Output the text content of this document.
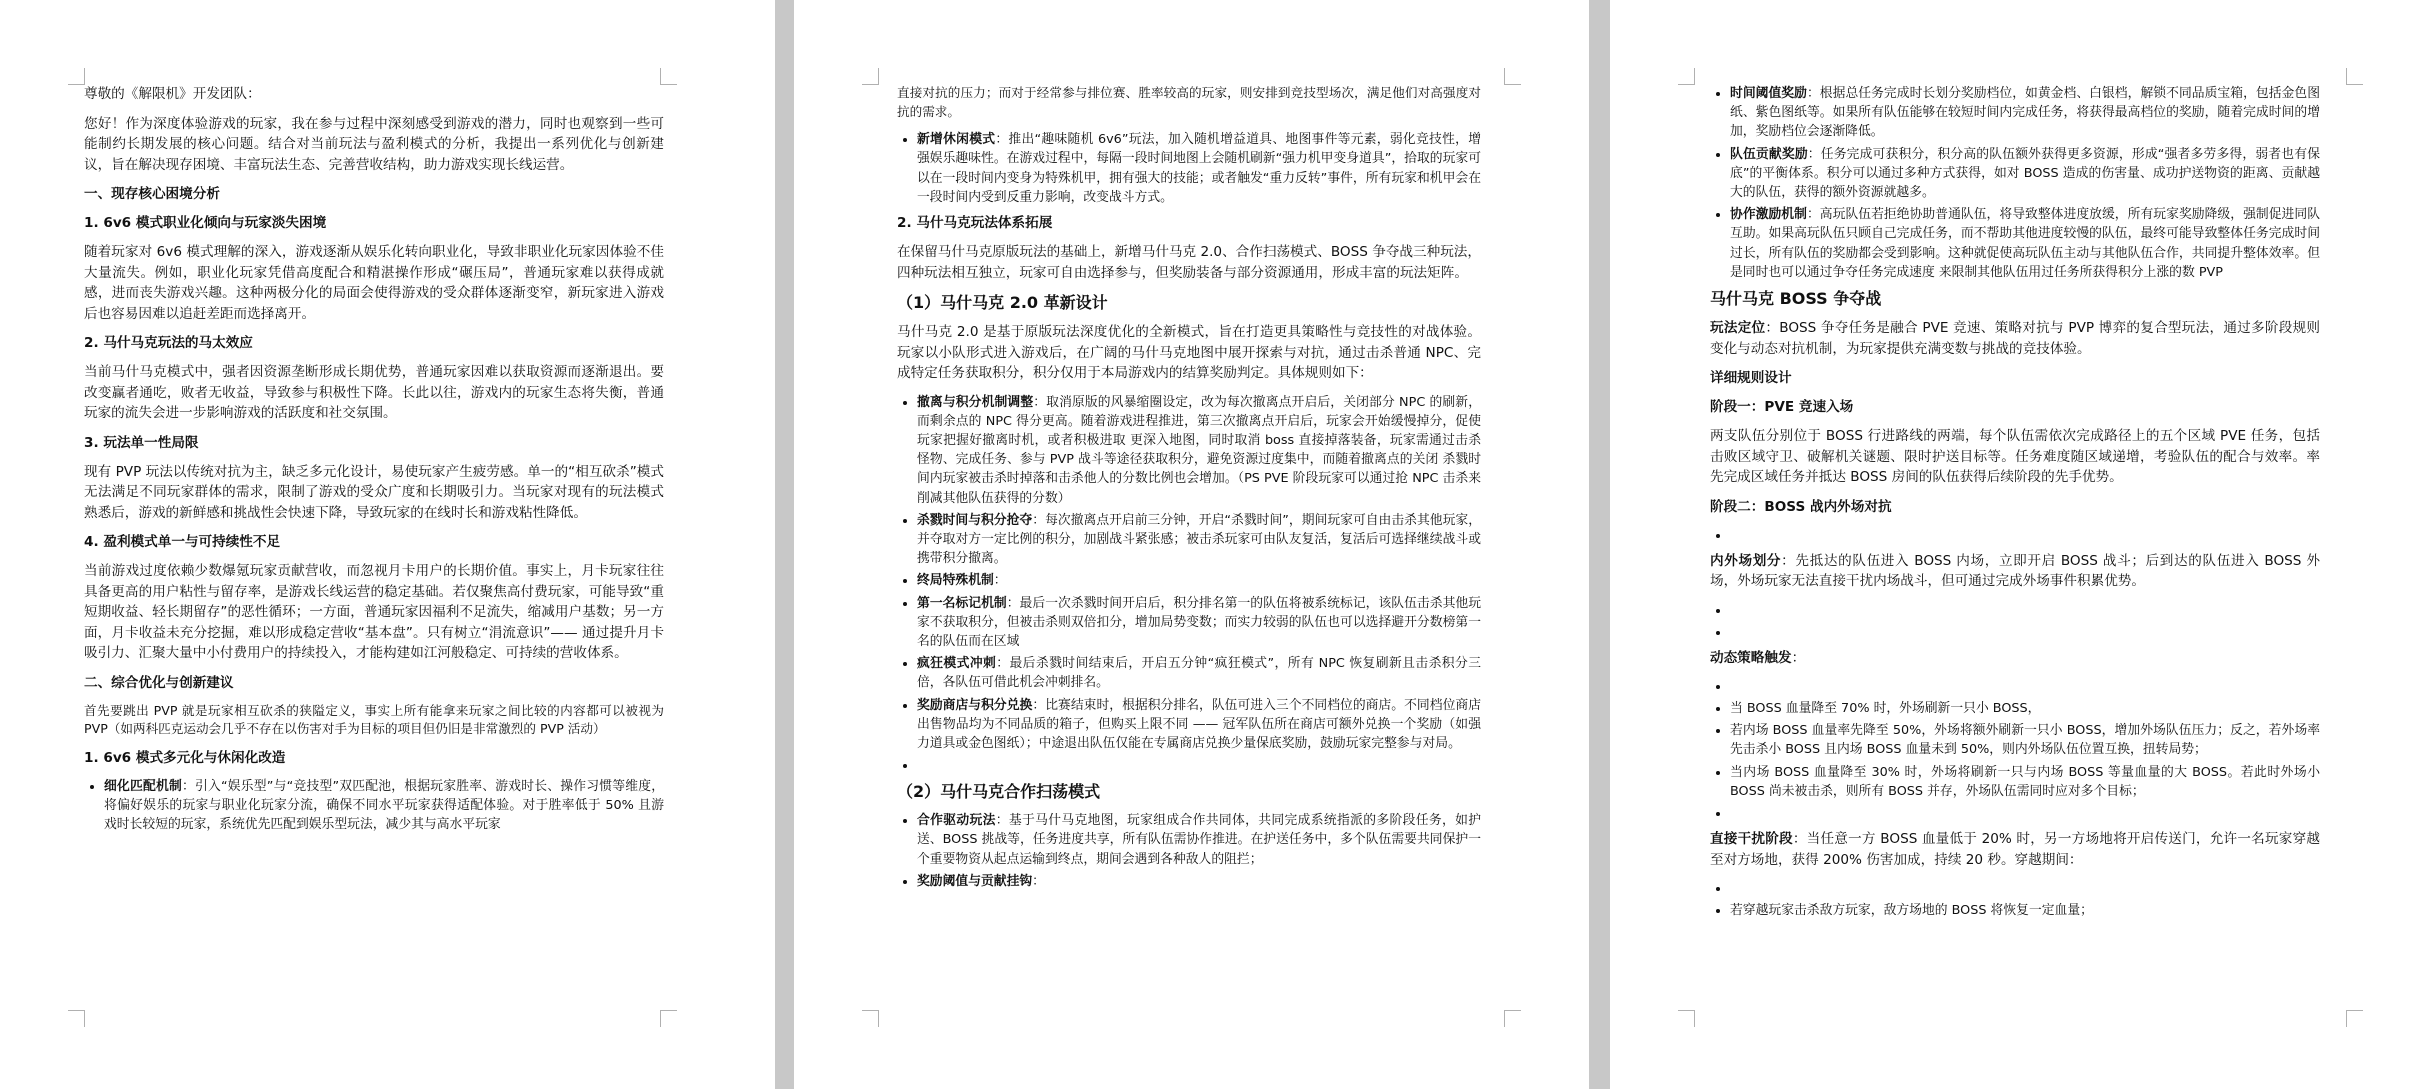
尊敬的《解限机》开发团队：

您好！作为深度体验游戏的玩家，我在参与过程中深刻感受到游戏的潜力，同时也观察到一些可能制约长期发展的核心问题。结合对当前玩法与盈利模式的分析，我提出一系列优化与创新建议，旨在解决现存困境、丰富玩法生态、完善营收结构，助力游戏实现长线运营。

一、现存核心困境分析
1. 6v6 模式职业化倾向与玩家淡失困境

随着玩家对 6v6 模式理解的深入，游戏逐渐从娱乐化转向职业化，导致非职业化玩家因体验不佳大量流失。例如，职业化玩家凭借高度配合和精湛操作形成“碾压局”，普通玩家难以获得成就感，进而丧失游戏兴趣。这种两极分化的局面会使得游戏的受众群体逐渐变窄，新玩家进入游戏后也容易因难以追赶差距而选择离开。

2. 马什马克玩法的马太效应

当前马什马克模式中，强者因资源垄断形成长期优势，普通玩家因难以获取资源而逐渐退出。要改变赢者通吃，败者无收益，导致参与积极性下降。长此以往，游戏内的玩家生态将失衡，普通玩家的流失会进一步影响游戏的活跃度和社交氛围。

3. 玩法单一性局限

现有 PVP 玩法以传统对抗为主，缺乏多元化设计，易使玩家产生疲劳感。单一的“相互砍杀”模式无法满足不同玩家群体的需求，限制了游戏的受众广度和长期吸引力。当玩家对现有的玩法模式熟悉后，游戏的新鲜感和挑战性会快速下降，导致玩家的在线时长和游戏粘性降低。

4. 盈利模式单一与可持续性不足

当前游戏过度依赖少数爆氪玩家贡献营收，而忽视月卡用户的长期价值。事实上，月卡玩家往往具备更高的用户粘性与留存率，是游戏长线运营的稳定基础。若仅聚焦高付费玩家，可能导致“重短期收益、轻长期留存”的恶性循环；一方面，普通玩家因福利不足流失，缩减用户基数；另一方面，月卡收益未充分挖掘，难以形成稳定营收“基本盘”。只有树立“涓流意识”—— 通过提升月卡吸引力、汇聚大量中小付费用户的持续投入，才能构建如江河般稳定、可持续的营收体系。

二、综合优化与创新建议

首先要跳出 PVP 就是玩家相互砍杀的狭隘定义，事实上所有能拿来玩家之间比较的内容都可以被视为 PVP（如两科匹克运动会几乎不存在以伤害对手为目标的项目但仍旧是非常激烈的 PVP 活动）

1. 6v6 模式多元化与休闲化改造
• 细化匹配机制：引入“娱乐型”与“竞技型”双匹配池，根据玩家胜率、游戏时长、操作习惯等维度，将偏好娱乐的玩家与职业化玩家分流，确保不同水平玩家获得适配体验。对于胜率低于 50% 且游戏时长较短的玩家，系统优先匹配到娱乐型玩法，减少其与高水平玩家

直接对抗的压力；而对于经常参与排位赛、胜率较高的玩家，则安排到竞技型场次，满足他们对高强度对抗的需求。

• 新增休闲模式：推出“趣味随机 6v6”玩法，加入随机增益道具、地图事件等元素，弱化竞技性，增强娱乐趣味性。在游戏过程中，每隔一段时间地图上会随机刷新“强力机甲变身道具”，拾取的玩家可以在一段时间内变身为特殊机甲，拥有强大的技能；或者触发“重力反转”事件，所有玩家和机甲会在一段时间内受到反重力影响，改变战斗方式。
2. 马什马克玩法体系拓展

在保留马什马克原版玩法的基础上，新增马什马克 2.0、合作扫荡模式、BOSS 争夺战三种玩法，四种玩法相互独立，玩家可自由选择参与，但奖励装备与部分资源通用，形成丰富的玩法矩阵。

（1）马什马克 2.0 革新设计

马什马克 2.0 是基于原版玩法深度优化的全新模式，旨在打造更具策略性与竞技性的对战体验。玩家以小队形式进入游戏后，在广阔的马什马克地图中展开探索与对抗，通过击杀普通 NPC、完成特定任务获取积分，积分仅用于本局游戏内的结算奖励判定。具体规则如下：

• 撤离与积分机制调整：取消原版的风暴缩圈设定，改为每次撤离点开启后，关闭部分 NPC 的刷新，而剩余点的 NPC 得分更高。随着游戏进程推进，第三次撤离点开启后，玩家会开始缓慢掉分，促使玩家把握好撤离时机，或者积极进取 更深入地图，同时取消 boss 直接掉落装备，玩家需通过击杀怪物、完成任务、参与 PVP 战斗等途径获取积分，避免资源过度集中，而随着撤离点的关闭 杀戮时间内玩家被击杀时掉落和击杀他人的分数比例也会增加。（PS PVE 阶段玩家可以通过抢 NPC 击杀来削减其他队伍获得的分数）
• 杀戮时间与积分抢夺：每次撤离点开启前三分钟，开启“杀戮时间”，期间玩家可自由击杀其他玩家，并夺取对方一定比例的积分，加剧战斗紧张感；被击杀玩家可由队友复活，复活后可选择继续战斗或携带积分撤离。
• 终局特殊机制：
• 第一名标记机制：最后一次杀戮时间开启后，积分排名第一的队伍将被系统标记，该队伍击杀其他玩家不获取积分，但被击杀则双倍扣分，增加局势变数；而实力较弱的队伍也可以选择避开分数榜第一名的队伍而在区域
• 疯狂模式冲刺：最后杀戮时间结束后，开启五分钟“疯狂模式”，所有 NPC 恢复刷新且击杀积分三倍，各队伍可借此机会冲刺排名。
• 奖励商店与积分兑换：比赛结束时，根据积分排名，队伍可进入三个不同档位的商店。不同档位商店出售物品均为不同品质的箱子，但购买上限不同 —— 冠军队伍所在商店可额外兑换一个奖励（如强力道具或金色图纸）；中途退出队伍仅能在专属商店兑换少量保底奖励，鼓励玩家完整参与对局。
•
（2）马什马克合作扫荡模式
• 合作驱动玩法：基于马什马克地图，玩家组成合作共同体，共同完成系统指派的多阶段任务，如护送、BOSS 挑战等，任务进度共享，所有队伍需协作推进。在护送任务中，多个队伍需要共同保护一个重要物资从起点运输到终点，期间会遇到各种敌人的阻拦；
• 奖励阈值与贡献挂钩：
• 时间阈值奖励：根据总任务完成时长划分奖励档位，如黄金档、白银档，解锁不同品质宝箱，包括金色图纸、紫色图纸等。如果所有队伍能够在较短时间内完成任务，将获得最高档位的奖励，随着完成时间的增加，奖励档位会逐渐降低。
• 队伍贡献奖励：任务完成可获积分，积分高的队伍额外获得更多资源，形成“强者多劳多得，弱者也有保底”的平衡体系。积分可以通过多种方式获得，如对 BOSS 造成的伤害量、成功护送物资的距离、贡献越大的队伍，获得的额外资源就越多。
• 协作激励机制：高玩队伍若拒绝协助普通队伍，将导致整体进度放缓，所有玩家奖励降级，强制促进同队互助。如果高玩队伍只顾自己完成任务，而不帮助其他进度较慢的队伍，最终可能导致整体任务完成时间过长，所有队伍的奖励都会受到影响。这种就促使高玩队伍主动与其他队伍合作，共同提升整体效率。但是同时也可以通过争夺任务完成速度 来限制其他队伍用过任务所获得积分上涨的数 PVP
马什马克 BOSS 争夺战

玩法定位：BOSS 争夺任务是融合 PVE 竞速、策略对抗与 PVP 博弈的复合型玩法，通过多阶段规则变化与动态对抗机制，为玩家提供充满变数与挑战的竞技体验。

详细规则设计
阶段一：PVE 竞速入场

两支队伍分别位于 BOSS 行进路线的两端，每个队伍需依次完成路径上的五个区域 PVE 任务，包括击败区域守卫、破解机关谜题、限时护送目标等。任务难度随区域递增，考验队伍的配合与效率。率先完成区域任务并抵达 BOSS 房间的队伍获得后续阶段的先手优势。

阶段二：BOSS 战内外场对抗
•

内外场划分：先抵达的队伍进入 BOSS 内场，立即开启 BOSS 战斗；后到达的队伍进入 BOSS 外场，外场玩家无法直接干扰内场战斗，但可通过完成外场事件积累优势。

•
•

动态策略触发：

•
• 当 BOSS 血量降至 70% 时，外场刷新一只小 BOSS，
• 若内场 BOSS 血量率先降至 50%，外场将额外刷新一只小 BOSS，增加外场队伍压力；反之，若外场率先击杀小 BOSS 且内场 BOSS 血量未到 50%，则内外场队伍位置互换，扭转局势；
• 当内场 BOSS 血量降至 30% 时，外场将刷新一只与内场 BOSS 等量血量的大 BOSS。若此时外场小 BOSS 尚未被击杀，则所有 BOSS 并存，外场队伍需同时应对多个目标；
•

直接干扰阶段：当任意一方 BOSS 血量低于 20% 时，另一方场地将开启传送门，允许一名玩家穿越至对方场地，获得 200% 伤害加成，持续 20 秒。穿越期间：

•
• 若穿越玩家击杀敌方玩家，敌方场地的 BOSS 将恢复一定血量；
